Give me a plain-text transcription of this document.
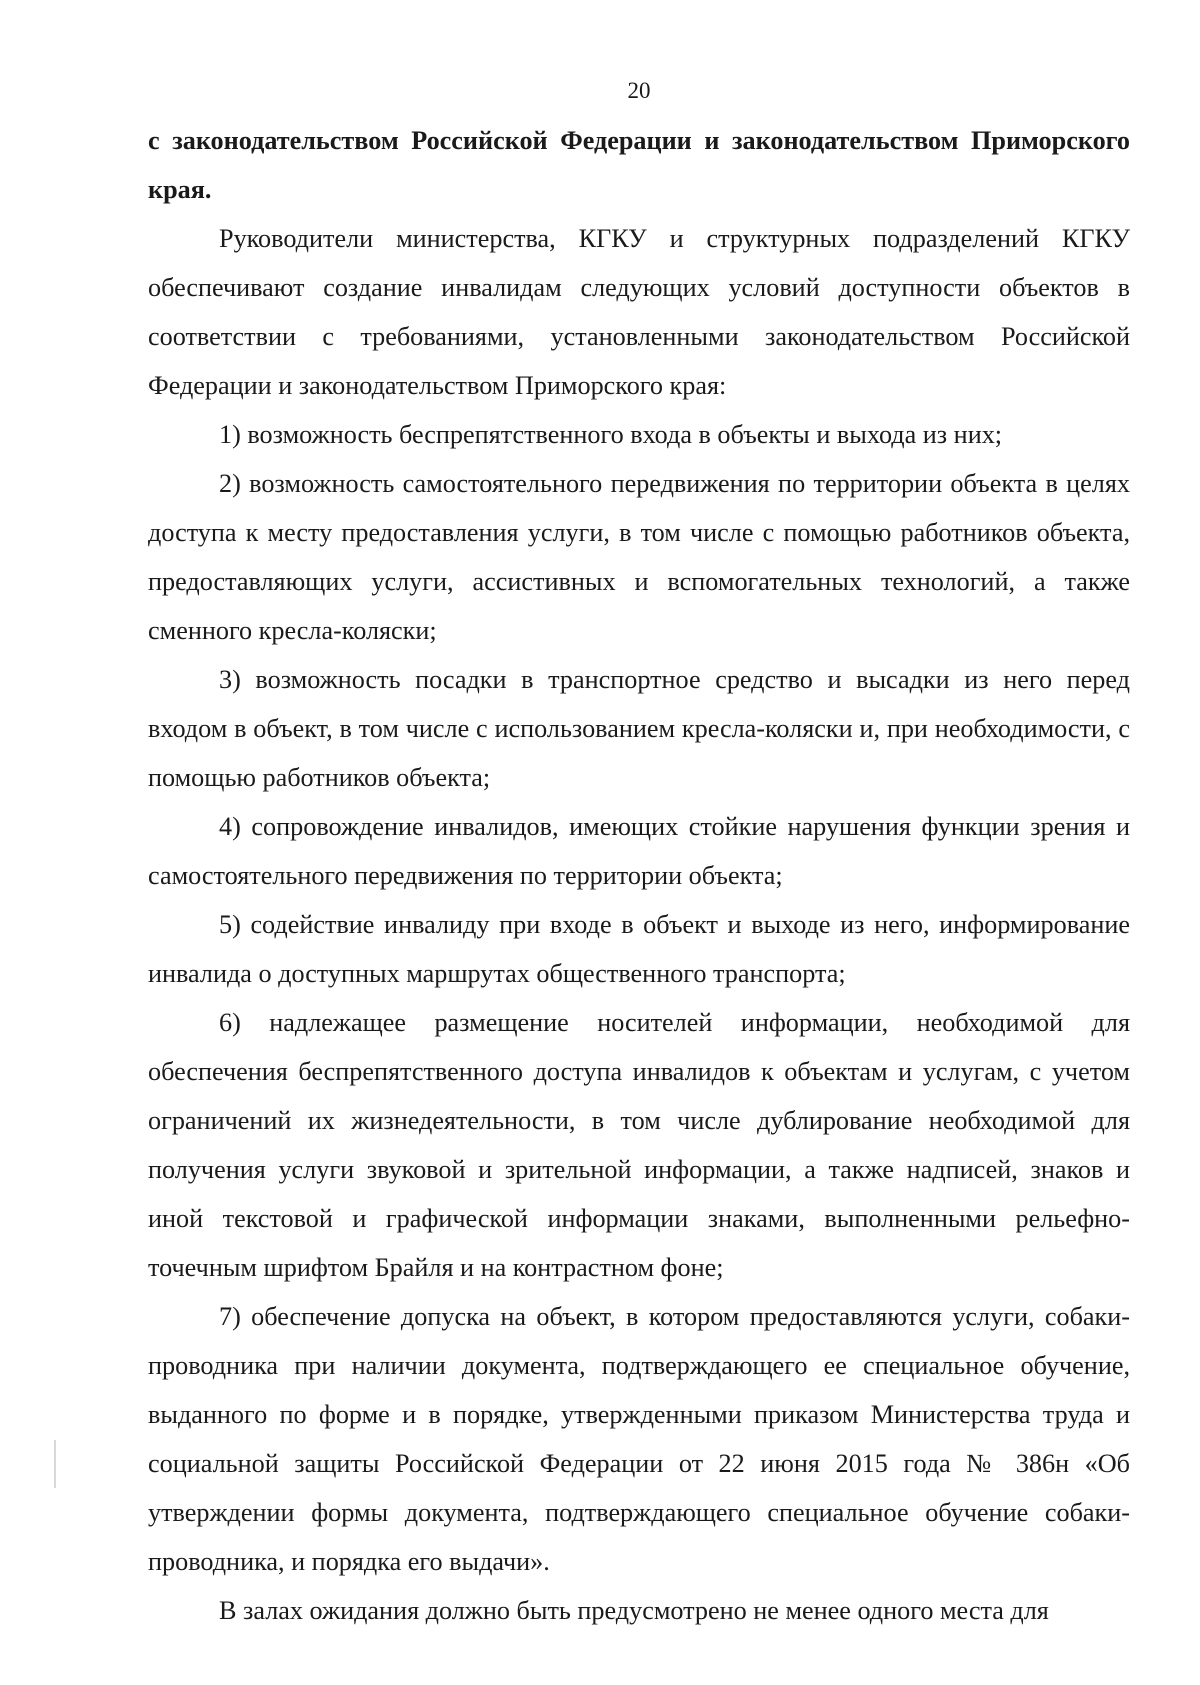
20

с законодательством Российской Федерации и законодательством Приморского края.

Руководители министерства, КГКУ и структурных подразделений КГКУ обеспечивают создание инвалидам следующих условий доступности объектов в соответствии с требованиями, установленными законодательством Российской Федерации и законодательством Приморского края:

1) возможность беспрепятственного входа в объекты и выхода из них;

2) возможность самостоятельного передвижения по территории объекта в целях доступа к месту предоставления услуги, в том числе с помощью работников объекта, предоставляющих услуги, ассистивных и вспомогательных технологий, а также сменного кресла-коляски;

3) возможность посадки в транспортное средство и высадки из него перед входом в объект, в том числе с использованием кресла-коляски и, при необходимости, с помощью работников объекта;

4) сопровождение инвалидов, имеющих стойкие нарушения функции зрения и самостоятельного передвижения по территории объекта;

5) содействие инвалиду при входе в объект и выходе из него, информирование инвалида о доступных маршрутах общественного транспорта;

6) надлежащее размещение носителей информации, необходимой для обеспечения беспрепятственного доступа инвалидов к объектам и услугам, с учетом ограничений их жизнедеятельности, в том числе дублирование необходимой для получения услуги звуковой и зрительной информации, а также надписей, знаков и иной текстовой и графической информации знаками, выполненными рельефно-точечным шрифтом Брайля и на контрастном фоне;

7) обеспечение допуска на объект, в котором предоставляются услуги, собаки-проводника при наличии документа, подтверждающего ее специальное обучение, выданного по форме и в порядке, утвержденными приказом Министерства труда и социальной защиты Российской Федерации от 22 июня 2015 года № 386н «Об утверждении формы документа, подтверждающего специальное обучение собаки-проводника, и порядка его выдачи».

В залах ожидания должно быть предусмотрено не менее одного места для
